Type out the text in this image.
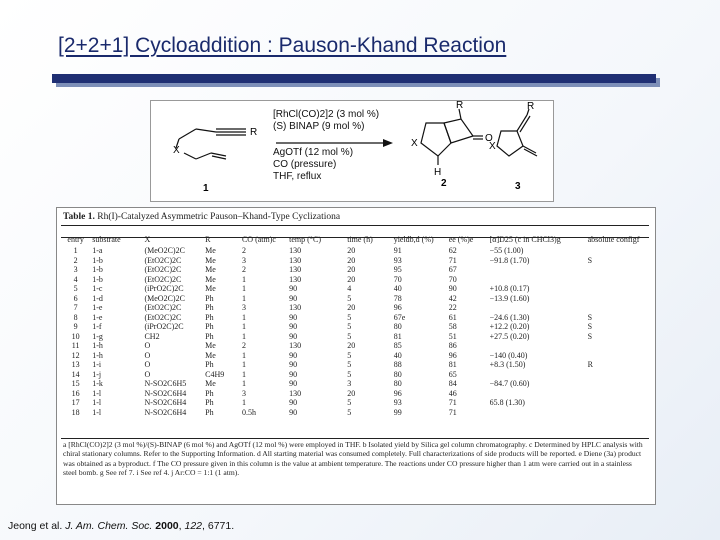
[2+2+1] Cycloaddition : Pauson-Khand Reaction
R
X
1
R
X
H
O
2
R
X
3
[RhCl(CO)2]2 (3 mol %)
(S) BINAP (9 mol %)
AgOTf (12 mol %)
CO (pressure)
THF, reflux
Table 1. Rh(I)-Catalyzed Asymmetric Pauson–Khand-Type Cyclizationa
entry	substrate	X	R	CO (atm)c	temp (°C)	time (h)	yieldb,d (%)	ee (%)e	[α]D25 (c in CHCl3)g	absolute configf
1	1-a	(MeO2C)2C	Me	2	130	20	91	62	−55 (1.00)	
2	1-b	(EtO2C)2C	Me	3	130	20	93	71	−91.8 (1.70)	S
3	1-b	(EtO2C)2C	Me	2	130	20	95	67		
4	1-b	(EtO2C)2C	Me	1	130	20	70	70		
5	1-c	(iPrO2C)2C	Me	1	90	4	40	90	+10.8 (0.17)	
6	1-d	(MeO2C)2C	Ph	1	90	5	78	42	−13.9 (1.60)	
7	1-e	(EtO2C)2C	Ph	3	130	20	96	22		
8	1-e	(EtO2C)2C	Ph	1	90	5	67e	61	−24.6 (1.30)	S
9	1-f	(iPrO2C)2C	Ph	1	90	5	80	58	+12.2 (0.20)	S
10	1-g	CH2	Ph	1	90	5	81	51	+27.5 (0.20)	S
11	1-h	O	Me	2	130	20	85	86		
12	1-h	O	Me	1	90	5	40	96	−140 (0.40)	
13	1-i	O	Ph	1	90	5	88	81	+8.3 (1.50)	R
14	1-j	O	C4H9	1	90	5	80	65		
15	1-k	N-SO2C6H5	Me	1	90	3	80	84	−84.7 (0.60)	
16	1-l	N-SO2C6H4	Ph	3	130	20	96	46		
17	1-l	N-SO2C6H4	Ph	1	90	5	93	71	65.8 (1.30)	
18	1-l	N-SO2C6H4	Ph	0.5h	90	5	99	71		
a [RhCl(CO)2]2 (3 mol %)/(S)-BINAP (6 mol %) and AgOTf (12 mol %) were employed in THF. b Isolated yield by Silica gel column chromatography. c Determined by HPLC analysis with chiral stationary columns. Refer to the Supporting Information. d All starting material was consumed completely. Full characterizations of side products will be reported. e Diene (3a) product was obtained as a byproduct. f The CO pressure given in this column is the value at ambient temperature. The reactions under CO pressure higher than 1 atm were carried out in a stainless steel bomb. g See ref 7. i See ref 4. j Ar:CO = 1:1 (1 atm).
Jeong et al. J. Am. Chem. Soc. 2000, 122, 6771.
